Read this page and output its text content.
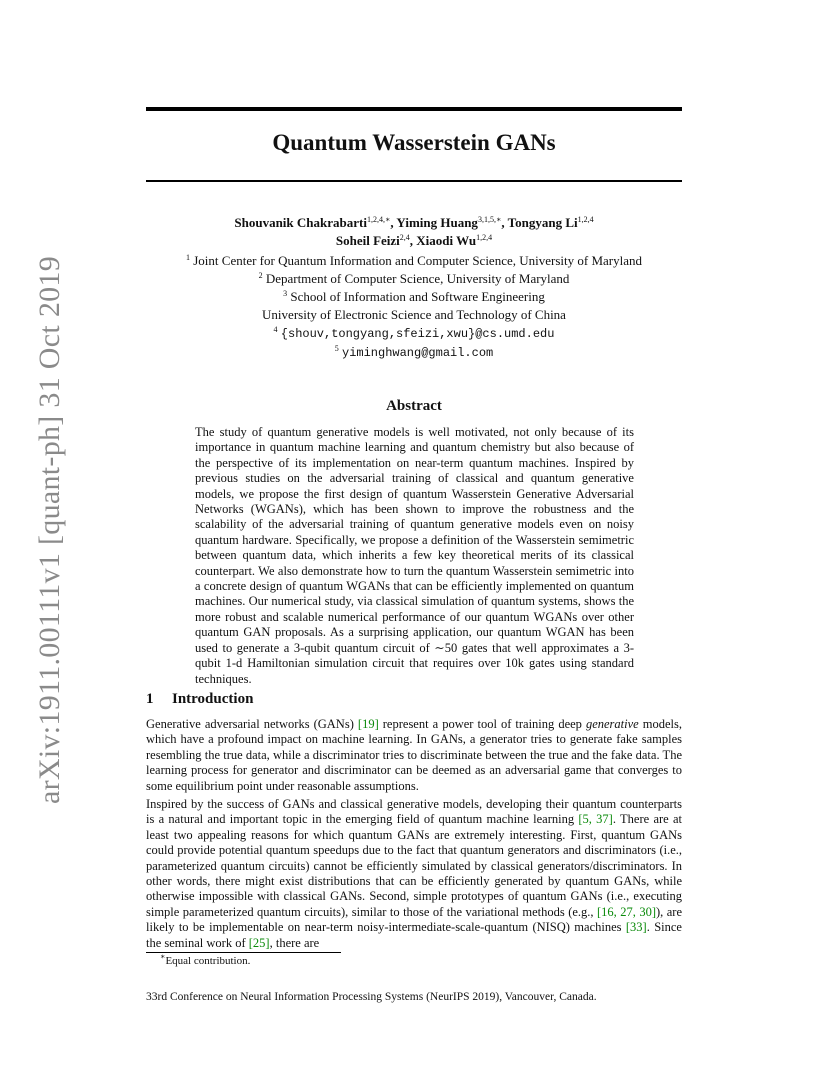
arXiv:1911.00111v1 [quant-ph] 31 Oct 2019
Quantum Wasserstein GANs
Shouvanik Chakrabarti$^{1,2,4,∗}$, Yiming Huang$^{3,1,5,∗}$, Tongyang Li$^{1,2,4}$
Soheil Feizi$^{2,4}$, Xiaodi Wu$^{1,2,4}$
$^1$ Joint Center for Quantum Information and Computer Science, University of Maryland
$^2$ Department of Computer Science, University of Maryland
$^3$ School of Information and Software Engineering
University of Electronic Science and Technology of China
$^4$ {shouv,tongyang,sfeizi,xwu}@cs.umd.edu
$^5$ yiminghwang@gmail.com
Abstract
The study of quantum generative models is well motivated, not only because of its importance in quantum machine learning and quantum chemistry but also because of the perspective of its implementation on near-term quantum machines. Inspired by previous studies on the adversarial training of classical and quantum generative models, we propose the first design of quantum Wasserstein Generative Adversarial Networks (WGANs), which has been shown to improve the robustness and the scalability of the adversarial training of quantum generative models even on noisy quantum hardware. Specifically, we propose a definition of the Wasserstein semimetric between quantum data, which inherits a few key theoretical merits of its classical counterpart. We also demonstrate how to turn the quantum Wasserstein semimetric into a concrete design of quantum WGANs that can be efficiently implemented on quantum machines. Our numerical study, via classical simulation of quantum systems, shows the more robust and scalable numerical performance of our quantum WGANs over other quantum GAN proposals. As a surprising application, our quantum WGAN has been used to generate a 3-qubit quantum circuit of ∼50 gates that well approximates a 3-qubit 1-d Hamiltonian simulation circuit that requires over 10k gates using standard techniques.
1 Introduction
Generative adversarial networks (GANs) [19] represent a power tool of training deep generative models, which have a profound impact on machine learning. In GANs, a generator tries to generate fake samples resembling the true data, while a discriminator tries to discriminate between the true and the fake data. The learning process for generator and discriminator can be deemed as an adversarial game that converges to some equilibrium point under reasonable assumptions.
Inspired by the success of GANs and classical generative models, developing their quantum counterparts is a natural and important topic in the emerging field of quantum machine learning [5, 37]. There are at least two appealing reasons for which quantum GANs are extremely interesting. First, quantum GANs could provide potential quantum speedups due to the fact that quantum generators and discriminators (i.e., parameterized quantum circuits) cannot be efficiently simulated by classical generators/discriminators. In other words, there might exist distributions that can be efficiently generated by quantum GANs, while otherwise impossible with classical GANs. Second, simple prototypes of quantum GANs (i.e., executing simple parameterized quantum circuits), similar to those of the variational methods (e.g., [16, 27, 30]), are likely to be implementable on near-term noisy-intermediate-scale-quantum (NISQ) machines [33]. Since the seminal work of [25], there are
∗Equal contribution.
33rd Conference on Neural Information Processing Systems (NeurIPS 2019), Vancouver, Canada.
